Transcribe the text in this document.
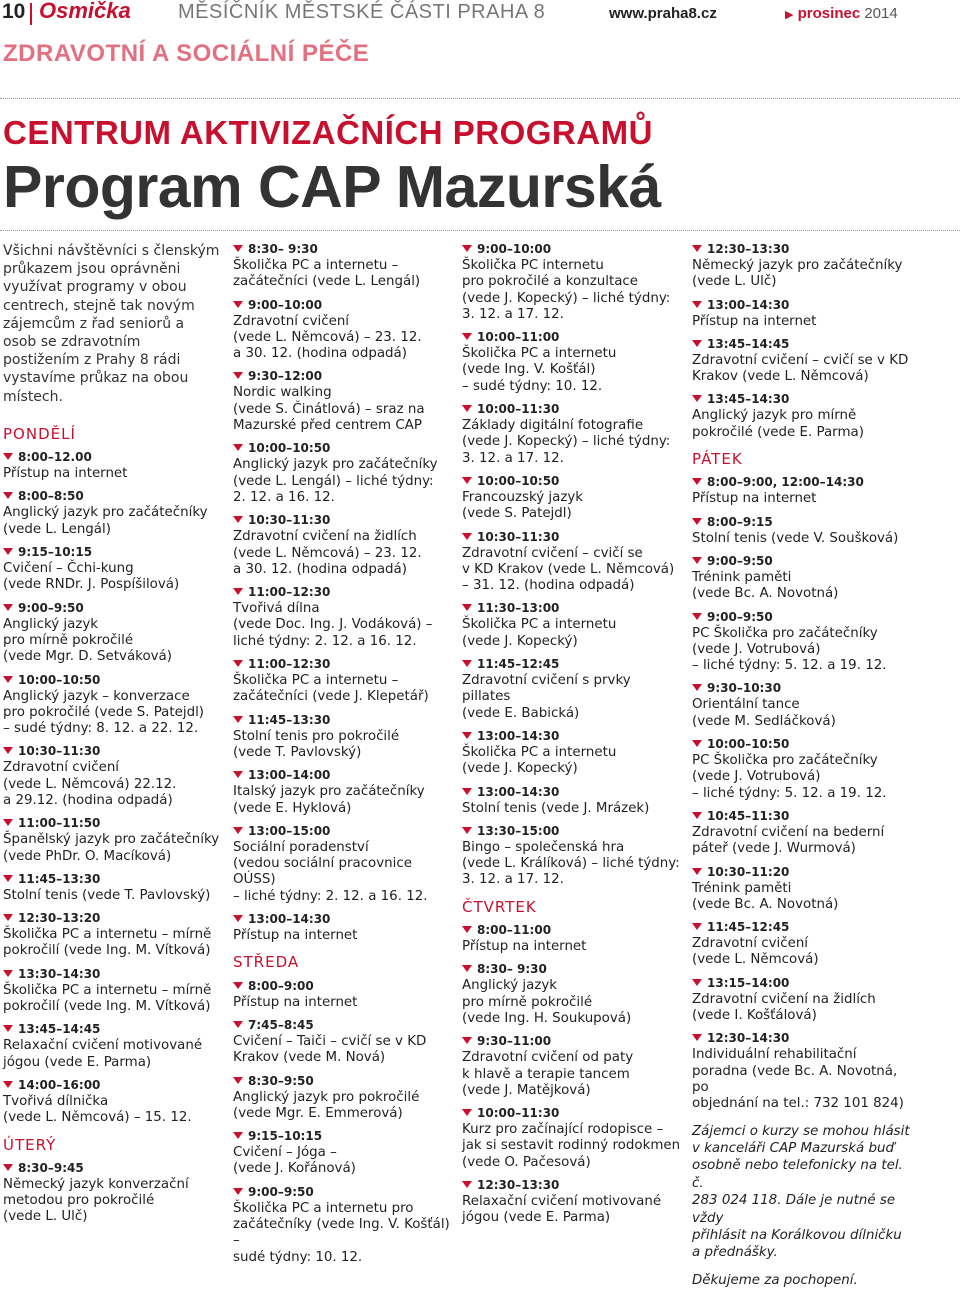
10 Osmička MĚSÍČNÍK MĚSTSKÉ ČÁSTI PRAHA 8	www.praha8.cz	▶ prosinec 2014
ZDRAVOTNÍ A SOCIÁLNÍ PÉČE
CENTRUM AKTIVIZAČNÍCH PROGRAMŮ
Program CAP Mazurská
Všichni návštěvníci s členským průkazem jsou oprávněni využívat programy v obou centrech, stejně tak novým zájemcům z řad seniorů a osob se zdravotním postižením z Prahy 8 rádi vystavíme průkaz na obou místech.
PONDĚLÍ
8:00–12.00
Přístup na internet
8:00–8:50
Anglický jazyk pro začátečníky
(vede L. Lengál)
9:15–10:15
Cvičení – Čchi-kung
(vede RNDr. J. Pospíšilová)
9:00–9:50
Anglický jazyk
pro mírně pokročilé
(vede Mgr. D. Setváková)
10:00–10:50
Anglický jazyk – konverzace
pro pokročilé (vede S. Patejdl)
– sudé týdny: 8. 12. a 22. 12.
10:30–11:30
Zdravotní cvičení
(vede L. Němcová) 22.12.
a 29.12. (hodina odpadá)
11:00–11:50
Španělský jazyk pro začátečníky
(vede PhDr. O. Macíková)
11:45–13:30
Stolní tenis (vede T. Pavlovský)
12:30–13:20
Školička PC a internetu – mírně
pokročilí (vede Ing. M. Vítková)
13:30–14:30
Školička PC a internetu – mírně
pokročilí (vede Ing. M. Vítková)
13:45–14:45
Relaxační cvičení motivované
jógou (vede E. Parma)
14:00–16:00
Tvořivá dílnička
(vede L. Němcová) – 15. 12.
ÚTERÝ
8:30–9:45
Německý jazyk konverzační
metodou pro pokročilé
(vede L. Ulč)
8:30– 9:30
Školička PC a internetu –
začátečníci (vede L. Lengál)
9:00–10:00
Zdravotní cvičení
(vede L. Němcová) – 23. 12.
a 30. 12. (hodina odpadá)
9:30–12:00
Nordic walking
(vede S. Činátlová) – sraz na
Mazurské před centrem CAP
10:00–10:50
Anglický jazyk pro začátečníky
(vede L. Lengál) – liché týdny:
2. 12. a 16. 12.
10:30–11:30
Zdravotní cvičení na židlích
(vede L. Němcová) – 23. 12.
a 30. 12. (hodina odpadá)
11:00–12:30
Tvořivá dílna
(vede Doc. Ing. J. Vodáková) –
liché týdny: 2. 12. a 16. 12.
11:00–12:30
Školička PC a internetu –
začátečníci (vede J. Klepetář)
11:45–13:30
Stolní tenis pro pokročilé
(vede T. Pavlovský)
13:00–14:00
Italský jazyk pro začátečníky
(vede E. Hyklová)
13:00–15:00
Sociální poradenství
(vedou sociální pracovnice OÚSS)
– liché týdny: 2. 12. a 16. 12.
13:00–14:30
Přístup na internet
STŘEDA
8:00–9:00
Přístup na internet
7:45–8:45
Cvičení – Taiči – cvičí se v KD
Krakov (vede M. Nová)
8:30–9:50
Anglický jazyk pro pokročilé
(vede Mgr. E. Emmerová)
9:15–10:15
Cvičení – Jóga –
(vede J. Kořánová)
9:00–9:50
Školička PC a internetu pro
začátečníky (vede Ing. V. Košťál) –
sudé týdny: 10. 12.
9:00–10:00
Školička PC internetu
pro pokročilé a konzultace
(vede J. Kopecký) – liché týdny:
3. 12. a 17. 12.
10:00–11:00
Školička PC a internetu
(vede Ing. V. Košťál)
– sudé týdny: 10. 12.
10:00–11:30
Základy digitální fotografie
(vede J. Kopecký) – liché týdny:
3. 12. a 17. 12.
10:00–10:50
Francouzský jazyk
(vede S. Patejdl)
10:30–11:30
Zdravotní cvičení – cvičí se
v KD Krakov (vede L. Němcová)
– 31. 12. (hodina odpadá)
11:30–13:00
Školička PC a internetu
(vede J. Kopecký)
11:45–12:45
Zdravotní cvičení s prvky pillates
(vede E. Babická)
13:00–14:30
Školička PC a internetu
(vede J. Kopecký)
13:00–14:30
Stolní tenis (vede J. Mrázek)
13:30–15:00
Bingo – společenská hra
(vede L. Králíková) – liché týdny:
3. 12. a 17. 12.
ČTVRTEK
8:00–11:00
Přístup na internet
8:30– 9:30
Anglický jazyk
pro mírně pokročilé
(vede Ing. H. Soukupová)
9:30–11:00
Zdravotní cvičení od paty
k hlavě a terapie tancem
(vede J. Matějková)
10:00–11:30
Kurz pro začínající rodopisce –
jak si sestavit rodinný rodokmen
(vede O. Pačesová)
12:30–13:30
Relaxační cvičení motivované
jógou (vede E. Parma)
12:30–13:30
Německý jazyk pro začátečníky
(vede L. Ulč)
13:00–14:30
Přístup na internet
13:45–14:45
Zdravotní cvičení – cvičí se v KD
Krakov (vede L. Němcová)
13:45–14:30
Anglický jazyk pro mírně
pokročilé (vede E. Parma)
PÁTEK
8:00–9:00, 12:00–14:30
Přístup na internet
8:00–9:15
Stolní tenis (vede V. Soušková)
9:00–9:50
Trénink paměti
(vede Bc. A. Novotná)
9:00–9:50
PC Školička pro začátečníky
(vede J. Votrubová)
– liché týdny: 5. 12. a 19. 12.
9:30–10:30
Orientální tance
(vede M. Sedláčková)
10:00–10:50
PC Školička pro začátečníky
(vede J. Votrubová)
– liché týdny: 5. 12. a 19. 12.
10:45–11:30
Zdravotní cvičení na bederní
páteř (vede J. Wurmová)
10:30–11:20
Trénink paměti
(vede Bc. A. Novotná)
11:45–12:45
Zdravotní cvičení
(vede L. Němcová)
13:15–14:00
Zdravotní cvičení na židlích
(vede I. Košťálová)
12:30–14:30
Individuální rehabilitační
poradna (vede Bc. A. Novotná, po
objednání na tel.: 732 101 824)
Zájemci o kurzy se mohou hlásit
v kanceláři CAP Mazurská buď
osobně nebo telefonicky na tel. č.
283 024 118. Dále je nutné se vždy
přihlásit na Korálkovou dílničku
a přednášky.
Děkujeme za pochopení.
